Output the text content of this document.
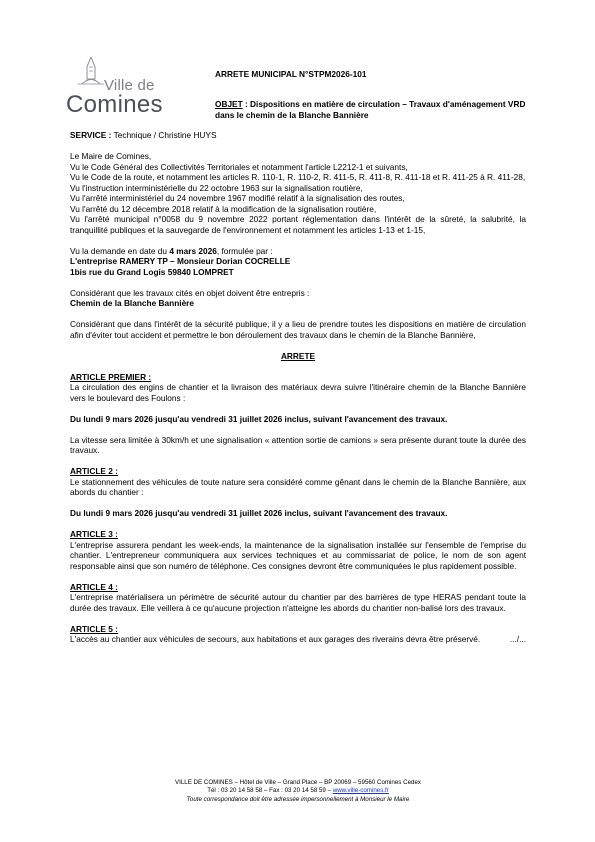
Ville de
Comines
ARRETE MUNICIPAL N°STPM2026-101
OBJET : Dispositions en matière de circulation – Travaux d'aménagement VRD dans le chemin de la Blanche Bannière

SERVICE : Technique / Christine HUYS

Le Maire de Comines,

Vu le Code Général des Collectivités Territoriales et notamment l'article L2212-1 et suivants,

Vu le Code de la route, et notamment les articles R. 110-1, R. 110-2, R. 411-5, R. 411-8, R. 411-18 et R. 411-25 à R. 411-28,

Vu l'instruction interministérielle du 22 octobre 1963 sur la signalisation routière,

Vu l'arrêté interministériel du 24 novembre 1967 modifié relatif à la signalisation des routes,

Vu l'arrêté du 12 décembre 2018 relatif à la modification de la signalisation routière,

Vu l'arrêté municipal n°0058 du 9 novembre 2022 portant réglementation dans l'intérêt de la sûreté, la salubrité, la tranquillité publiques et la sauvegarde de l'environnement et notamment les articles 1-13 et 1-15,

Vu la demande en date du 4 mars 2026, formulée par :

L'entreprise RAMERY TP – Monsieur Dorian COCRELLE

1bis rue du Grand Logis 59840 LOMPRET

Considérant que les travaux cités en objet doivent être entrepris :

Chemin de la Blanche Bannière

Considérant que dans l'intérêt de la sécurité publique, il y a lieu de prendre toutes les dispositions en matière de circulation afin d'éviter tout accident et permettre le bon déroulement des travaux dans le chemin de la Blanche Bannière,

ARRETE

ARTICLE PREMIER :

La circulation des engins de chantier et la livraison des matériaux devra suivre l'itinéraire chemin de la Blanche Bannière vers le boulevard des Foulons :

Du lundi 9 mars 2026 jusqu'au vendredi 31 juillet 2026 inclus, suivant l'avancement des travaux.

La vitesse sera limitée à 30km/h et une signalisation « attention sortie de camions » sera présente durant toute la durée des travaux.

ARTICLE 2 :

Le stationnement des véhicules de toute nature sera considéré comme gênant dans le chemin de la Blanche Bannière, aux abords du chantier :

Du lundi 9 mars 2026 jusqu'au vendredi 31 juillet 2026 inclus, suivant l'avancement des travaux.

ARTICLE 3 :

L'entreprise assurera pendant les week-ends, la maintenance de la signalisation installée sur l'ensemble de l'emprise du chantier. L'entrepreneur communiquera aux services techniques et au commissariat de police, le nom de son agent responsable ainsi que son numéro de téléphone. Ces consignes devront être communiquées le plus rapidement possible.

ARTICLE 4 :

L'entreprise matérialisera un périmètre de sécurité autour du chantier par des barrières de type HERAS pendant toute la durée des travaux. Elle veillera à ce qu'aucune projection n'atteigne les abords du chantier non-balisé lors des travaux.

ARTICLE 5 :

L'accès au chantier aux véhicules de secours, aux habitations et aux garages des riverains devra être préservé.	.../...

VILLE DE COMINES – Hôtel de Ville – Grand Place – BP 20069 – 59560 Comines Cedex
Tél : 03 20 14 58 58 – Fax : 03 20 14 58 59 – www.ville-comines.fr
Toute correspondance doit être adressée impersonnellement à Monsieur le Maire
